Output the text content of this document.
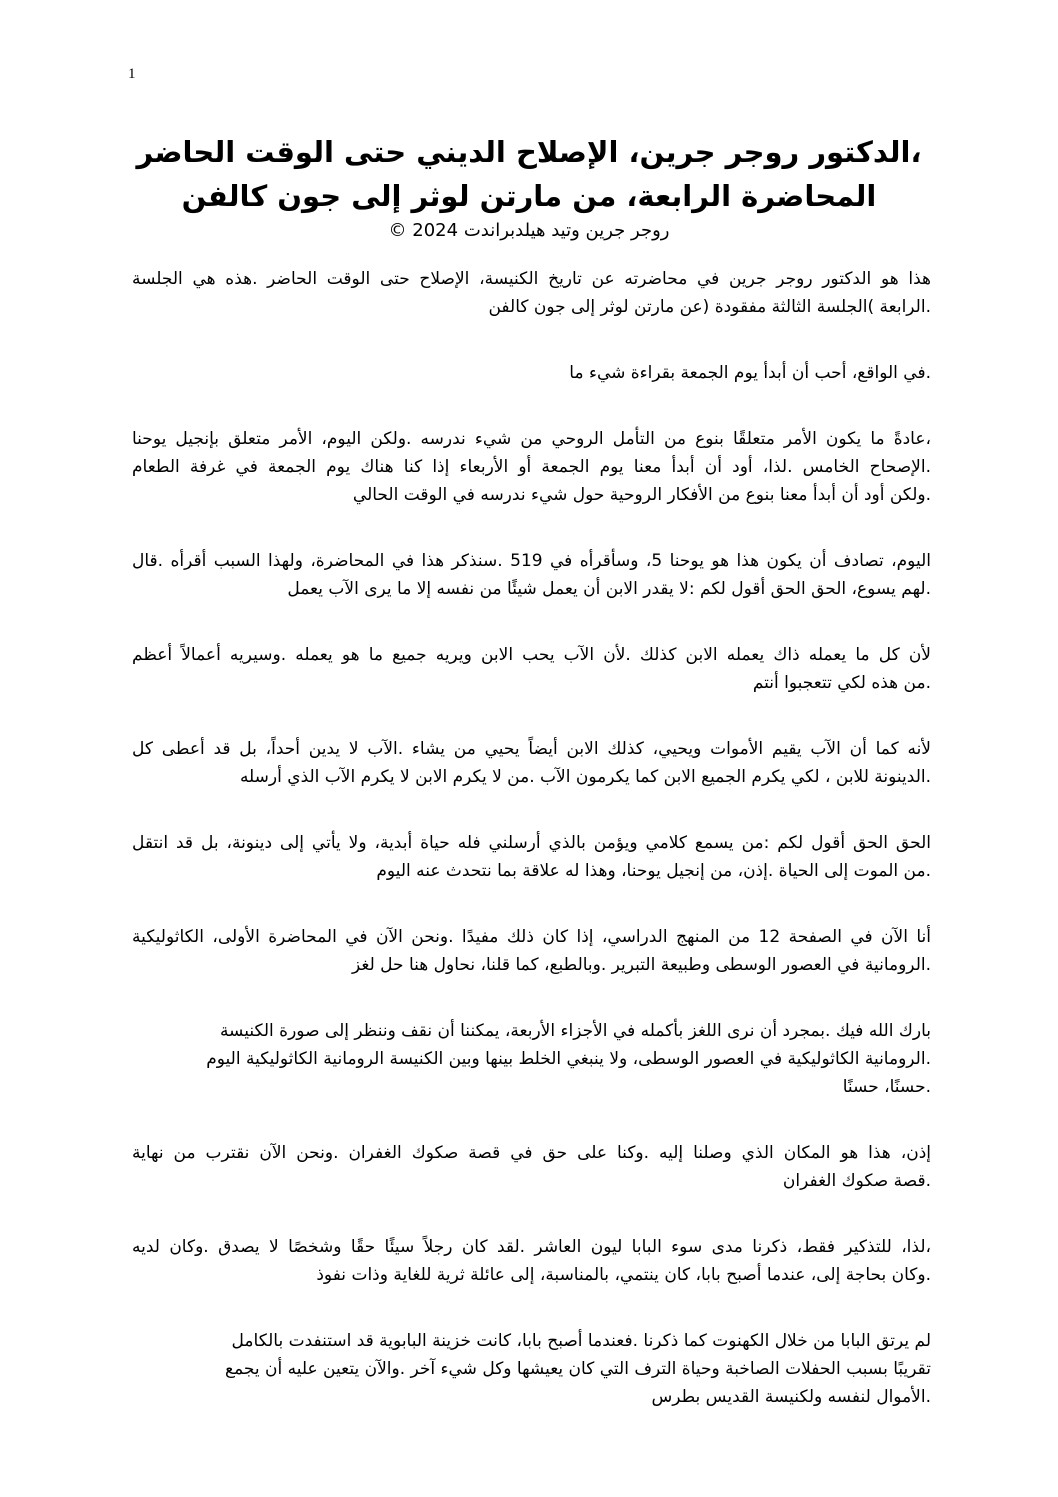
1
،الدكتور روجر جرين، الإصلاح الديني حتى الوقت الحاضر
المحاضرة الرابعة، من مارتن لوثر إلى جون كالفن
روجر جرين وتيد هيلدبراندت 2024 ©
هذا هو الدكتور روجر جرين في محاضرته عن تاريخ الكنيسة، الإصلاح حتى الوقت الحاضر .هذه هي الجلسة
.الرابعة )الجلسة الثالثة مفقودة (عن مارتن لوثر إلى جون كالفن
.في الواقع، أحب أن أبدأ يوم الجمعة بقراءة شيء ما
،عادةً ما يكون الأمر متعلقًا بنوع من التأمل الروحي من شيء ندرسه .ولكن اليوم، الأمر متعلق بإنجيل يوحنا
.الإصحاح الخامس .لذا، أود أن أبدأ معنا يوم الجمعة أو الأربعاء إذا كنا هناك يوم الجمعة في غرفة الطعام
.ولكن أود أن أبدأ معنا بنوع من الأفكار الروحية حول شيء ندرسه في الوقت الحالي
اليوم، تصادف أن يكون هذا هو يوحنا 5، وسأقرأه في 519 .سنذكر هذا في المحاضرة، ولهذا السبب أقرأه .قال
.لهم يسوع، الحق الحق أقول لكم :لا يقدر الابن أن يعمل شيئًا من نفسه إلا ما يرى الآب يعمل
لأن كل ما يعمله ذاك يعمله الابن كذلك .لأن الآب يحب الابن ويريه جميع ما هو يعمله .وسيريه أعمالاً أعظم
.من هذه لكي تتعجبوا أنتم
لأنه كما أن الآب يقيم الأموات ويحيي، كذلك الابن أيضاً يحيي من يشاء .الآب لا يدين أحداً، بل قد أعطى كل
.الدينونة للابن ، لكي يكرم الجميع الابن كما يكرمون الآب .من لا يكرم الابن لا يكرم الآب الذي أرسله
الحق الحق أقول لكم :من يسمع كلامي ويؤمن بالذي أرسلني فله حياة أبدية، ولا يأتي إلى دينونة، بل قد انتقل
.من الموت إلى الحياة .إذن، من إنجيل يوحنا، وهذا له علاقة بما نتحدث عنه اليوم
أنا الآن في الصفحة 12 من المنهج الدراسي، إذا كان ذلك مفيدًا .ونحن الآن في المحاضرة الأولى، الكاثوليكية
.الرومانية في العصور الوسطى وطبيعة التبرير .وبالطبع، كما قلنا، نحاول هنا حل لغز
بارك الله فيك .بمجرد أن نرى اللغز بأكمله في الأجزاء الأربعة، يمكننا أن نقف وننظر إلى صورة الكنيسة
.الرومانية الكاثوليكية في العصور الوسطى، ولا ينبغي الخلط بينها وبين الكنيسة الرومانية الكاثوليكية اليوم
.حسنًا، حسنًا
إذن، هذا هو المكان الذي وصلنا إليه .وكنا على حق في قصة صكوك الغفران .ونحن الآن نقترب من نهاية
.قصة صكوك الغفران
،لذا، للتذكير فقط، ذكرنا مدى سوء البابا ليون العاشر .لقد كان رجلاً سيئًا حقًا وشخصًا لا يصدق .وكان لديه
.وكان بحاجة إلى، عندما أصبح بابا، كان ينتمي، بالمناسبة، إلى عائلة ثرية للغاية وذات نفوذ
لم يرتق البابا من خلال الكهنوت كما ذكرنا .فعندما أصبح بابا، كانت خزينة البابوية قد استنفدت بالكامل
تقريبًا بسبب الحفلات الصاخبة وحياة الترف التي كان يعيشها وكل شيء آخر .والآن يتعين عليه أن يجمع
.الأموال لنفسه ولكنيسة القديس بطرس
